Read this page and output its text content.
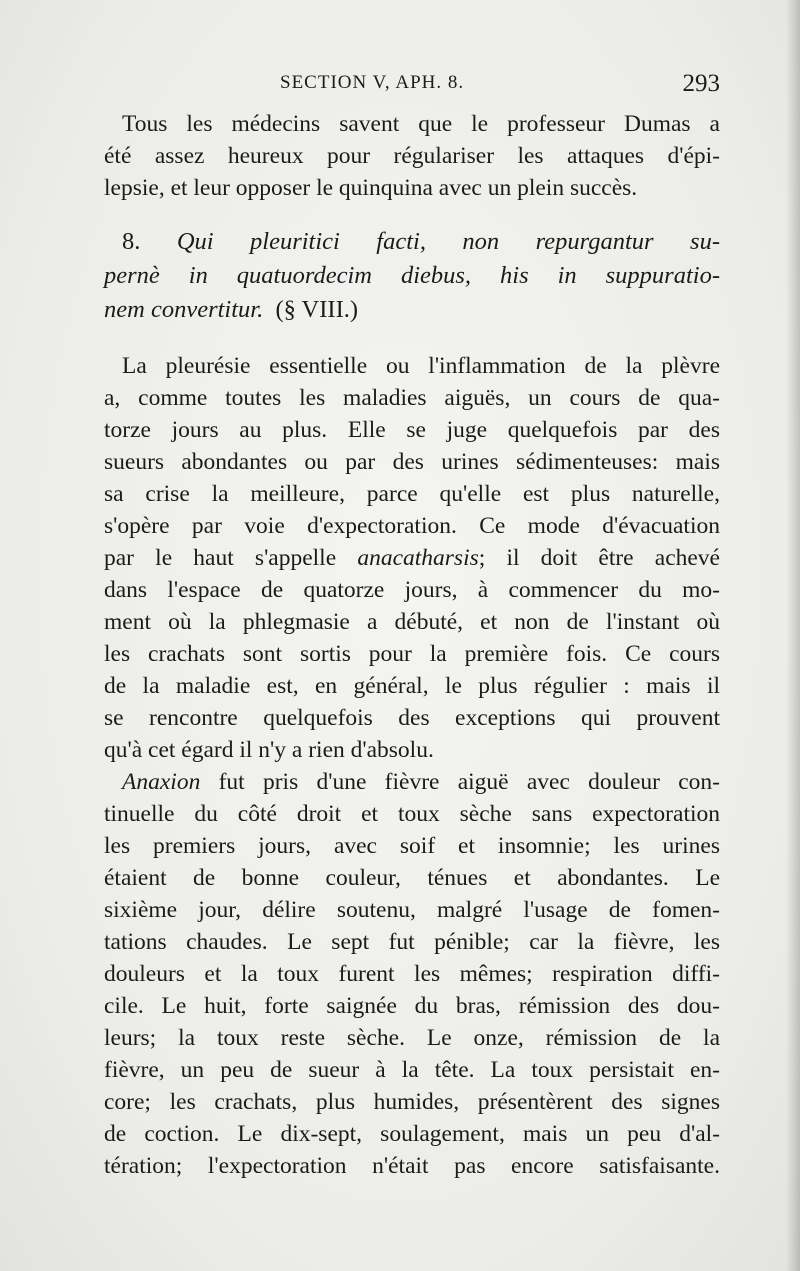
SECTION V, APH. 8.	293
Tous les médecins savent que le professeur Dumas a
été assez heureux pour régulariser les attaques d'épi-
lepsie, et leur opposer le quinquina avec un plein succès.
8. Qui pleuritici facti, non repurgantur su-
pernè in quatuordecim diebus, his in suppuratio-
nem convertitur. (§ VIII.)
La pleurésie essentielle ou l'inflammation de la plèvre
a, comme toutes les maladies aiguës, un cours de qua-
torze jours au plus. Elle se juge quelquefois par des
sueurs abondantes ou par des urines sédimenteuses: mais
sa crise la meilleure, parce qu'elle est plus naturelle,
s'opère par voie d'expectoration. Ce mode d'évacuation
par le haut s'appelle anacatharsis; il doit être achevé
dans l'espace de quatorze jours, à commencer du mo-
ment où la phlegmasie a débuté, et non de l'instant où
les crachats sont sortis pour la première fois. Ce cours
de la maladie est, en général, le plus régulier : mais il
se rencontre quelquefois des exceptions qui prouvent
qu'à cet égard il n'y a rien d'absolu.
Anaxion fut pris d'une fièvre aiguë avec douleur con-
tinuelle du côté droit et toux sèche sans expectoration
les premiers jours, avec soif et insomnie; les urines
étaient de bonne couleur, ténues et abondantes. Le
sixième jour, délire soutenu, malgré l'usage de fomen-
tations chaudes. Le sept fut pénible; car la fièvre, les
douleurs et la toux furent les mêmes; respiration diffi-
cile. Le huit, forte saignée du bras, rémission des dou-
leurs; la toux reste sèche. Le onze, rémission de la
fièvre, un peu de sueur à la tête. La toux persistait en-
core; les crachats, plus humides, présentèrent des signes
de coction. Le dix-sept, soulagement, mais un peu d'al-
tération; l'expectoration n'était pas encore satisfaisante.
